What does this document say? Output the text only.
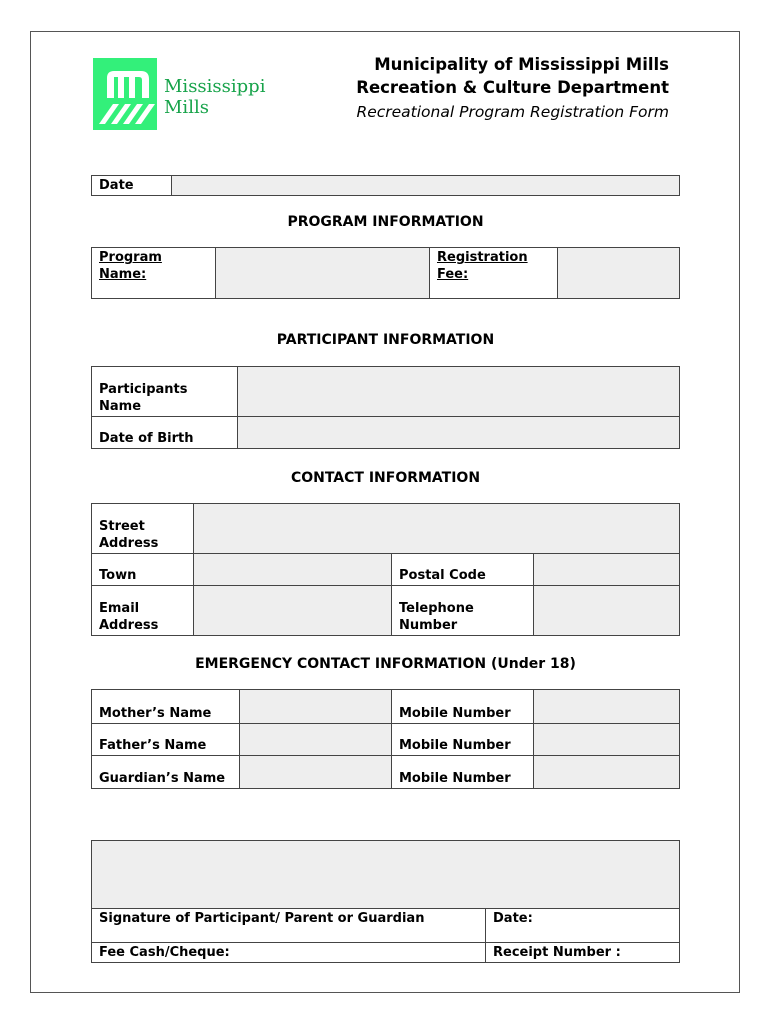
Mississippi
Mills
Municipality of Mississippi Mills
Recreation & Culture Department
Recreational Program Registration Form
Date	
PROGRAM INFORMATION
Program Name:		Registration Fee:	
PARTICIPANT INFORMATION
Participants Name	
Date of Birth	
CONTACT INFORMATION
Street Address			
Town		Postal Code	
Email Address		Telephone Number	
EMERGENCY CONTACT INFORMATION (Under 18)
Mother’s Name		Mobile Number	
Father’s Name		Mobile Number	
Guardian’s Name		Mobile Number	

Signature of Participant/ Parent or Guardian	Date:
Fee Cash/Cheque:	Receipt Number :
